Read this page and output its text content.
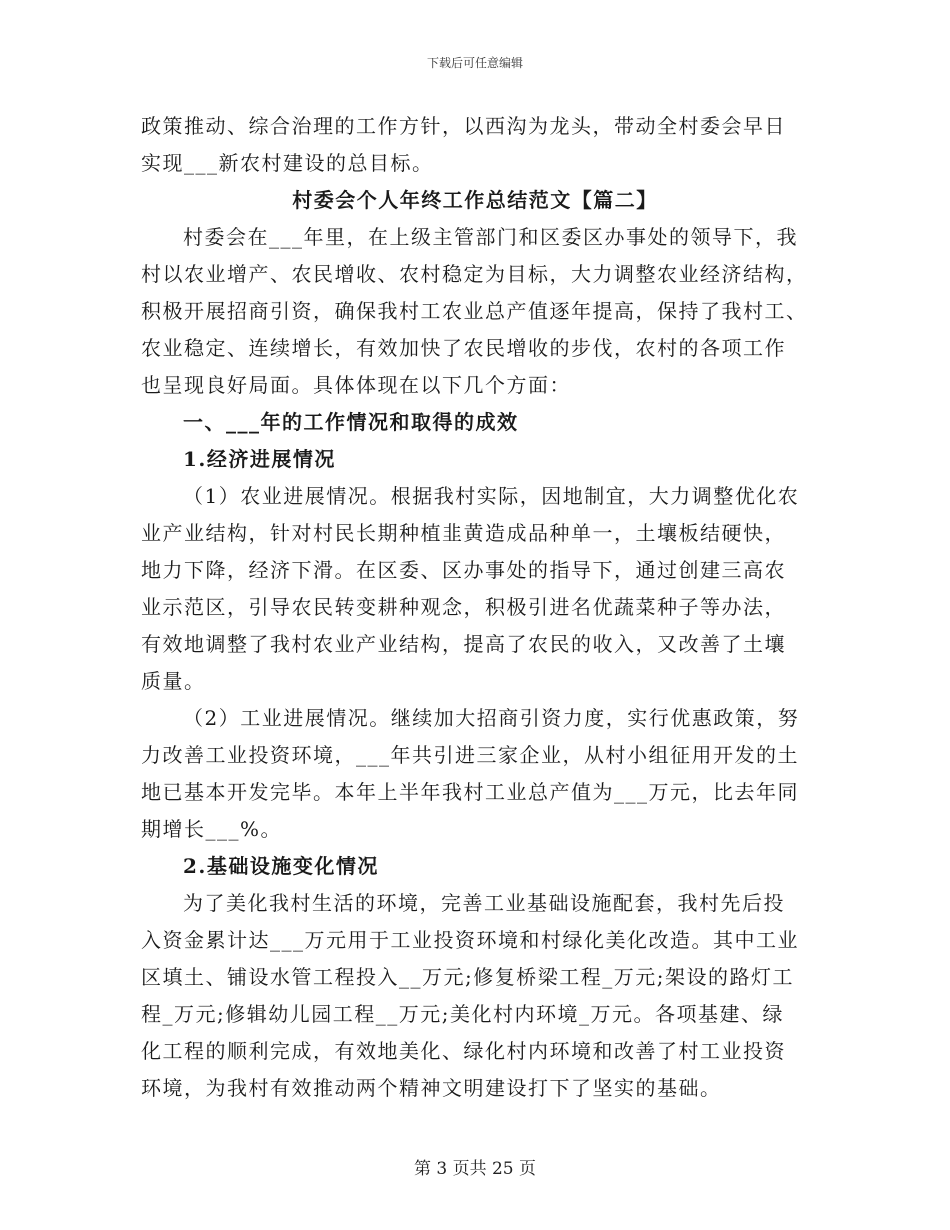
下载后可任意编辑
政策推动、综合治理的工作方针，以西沟为龙头，带动全村委会早日
实现___新农村建设的总目标。
村委会个人年终工作总结范文【篇二】
村委会在___年里，在上级主管部门和区委区办事处的领导下，我
村以农业增产、农民增收、农村稳定为目标，大力调整农业经济结构，
积极开展招商引资，确保我村工农业总产值逐年提高，保持了我村工、
农业稳定、连续增长，有效加快了农民增收的步伐，农村的各项工作
也呈现良好局面。具体体现在以下几个方面：
一、___年的工作情况和取得的成效
1.经济进展情况
（1）农业进展情况。根据我村实际，因地制宜，大力调整优化农
业产业结构，针对村民长期种植韭黄造成品种单一，土壤板结硬快，
地力下降，经济下滑。在区委、区办事处的指导下，通过创建三高农
业示范区，引导农民转变耕种观念，积极引进名优蔬菜种子等办法，
有效地调整了我村农业产业结构，提高了农民的收入，又改善了土壤
质量。
（2）工业进展情况。继续加大招商引资力度，实行优惠政策，努
力改善工业投资环境，___年共引进三家企业，从村小组征用开发的土
地已基本开发完毕。本年上半年我村工业总产值为___万元，比去年同
期增长___%。
2.基础设施变化情况
为了美化我村生活的环境，完善工业基础设施配套，我村先后投
入资金累计达___万元用于工业投资环境和村绿化美化改造。其中工业
区填土、铺设水管工程投入__万元;修复桥梁工程_万元;架设的路灯工
程_万元;修辑幼儿园工程__万元;美化村内环境_万元。各项基建、绿
化工程的顺利完成，有效地美化、绿化村内环境和改善了村工业投资
环境，为我村有效推动两个精神文明建设打下了坚实的基础。
第 3 页共 25 页
